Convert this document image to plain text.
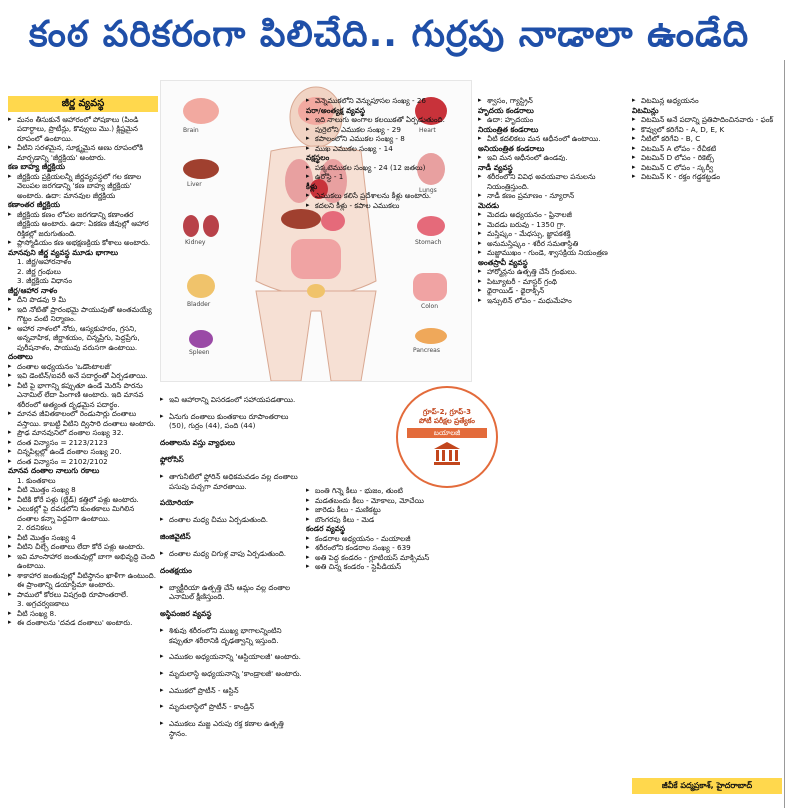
కంఠ పరికరంగా పిలిచేది.. గుర్రపు నాడాలా ఉండేది
జీర్ణ వ్యవస్థ

▸ మనం తీసుకునే ఆహారంలో పోషకాలు (పిండి పదార్థాలు, ప్రొటీన్లు, కొవ్వులు మొ.) క్లిష్టమైన రూపంలో ఉంటాయి.

▸ వీటిని సరళమైన, సూక్ష్మమైన అణు రూపంలోకి మార్చడాన్ని 'జీర్ణక్రియ' అంటారు.

కణ బాహ్య జీర్ణక్రియ

▸ జీర్ణక్రియ ప్రక్రియలన్నీ జీర్ణవ్యవస్థలో గల కణాల వెలుపల జరగడాన్ని 'కణ బాహ్య జీర్ణక్రియ' అంటారు. ఉదా: మానవుల జీర్ణక్రియ

కణాంతర జీర్ణక్రియ

▸ జీర్ణక్రియ కణం లోపల జరగడాన్ని కణాంతర జీర్ణక్రియ అంటారు. ఉదా: ఏకకణ జీవుల్లో ఆహార రిక్తికల్లో జరుగుతుంది.

▸ ప్లాస్మోడియం కణ అభక్షణక్రియ కోశాలు అంటారు.

మానవుని జీర్ణ వ్యవస్థ మూడు భాగాలు

1. జీర్ణ/ఆహారనాళం

2. జీర్ణ గ్రంథులు

3. జీర్ణక్రియ విధానం

జీర్ణ/ఆహార నాళం

▸ దీని పొడవు 9 మీ

▸ ఇది నోటితో ప్రారంభమై పాయువుతో అంతమయ్యే గొట్టం వంటి నిర్మాణం.

▸ ఆహార నాళంలో నోరు, ఆస్యకుహరం, గ్రసని, అన్నవాహిక, జీర్ణాశయం, చిన్నప్రేగు, పెద్దప్రేగు, పురీషనాళం, పాయువు వరుసగా ఉంటాయి.

దంతాలు

▸ దంతాల అధ్యయనం 'ఒడొంటాలజీ'

▸ ఇవి డెంటిన్/ఐవరీ అనే పదార్థంతో ఏర్పడతాయి.

▸ వీటి పై భాగాన్ని కప్పుతూ ఉండే మెరిసే పొరను ఎనామిల్ లేదా పింగాణి అంటారు. ఇది మానవ శరీరంలో అత్యంత దృఢమైన పదార్థం.

▸ మానవ జీవితకాలంలో రెండుసార్లు దంతాలు వస్తాయి. కాబట్టి వీటిని ద్విసారి దంతాలు అంటారు.

▸ ప్రౌఢ మానవునిలో దంతాల సంఖ్య 32.

▸ దంత విన్యాసం = 2123/2123

▸ చిన్నపిల్లల్లో ఉండే దంతాల సంఖ్య 20.

▸ దంత విన్యాసం = 2102/2102

మానవ దంతాల నాలుగు రకాలు

1. కుంతకాలు

▸ వీటి మొత్తం సంఖ్య 8

▸ వీటికి కోరే పళ్లు (బ్లేడ్) కత్తిలో పళ్లు అంటారు.

▸ ఎలుకల్లో పై దవడలోని కుంతకాలు మిగిలిన దంతాల కన్నా పెద్దవిగా ఉంటాయి.

2. రదనికలు

▸ వీటి మొత్తం సంఖ్య 4

▸ వీటిని చీల్చే దంతాలు లేదా కోరే పళ్లు అంటారు.

▸ ఇవి మాంసాహార జంతువుల్లో బాగా అభివృద్ధి చెంది ఉంటాయి.

▸ శాకాహార జంతువుల్లో వీటిస్థానం ఖాళీగా ఉంటుంది. ఈ ప్రాంతాన్ని డయాస్టీమా అంటారు.

▸ పాములో కోరలు విషగ్రంథి రూపాంతరాలే.

3. అగ్రచర్వణకాలు

▸ వీటి సంఖ్య 8.

▸ ఈ దంతాలను 'దవడ దంతాలు' అంటారు.

Brain	Heart
Liver
Kidney
Spleen
Lungs
Stomach
Colon
Pancreas
Bladder

▸ ఇవి ఆహారాన్ని విసరడంలో సహాయపడతాయి.

▸ ఏనుగు దంతాలు కుంతకాలు రూపాంతరాలు (50), గుర్రం (44), పంది (44)

దంతాలను వస్తు వ్యాధులు

ఫ్లోరోసిస్

▸ తాగునీటిలో ఫ్లోరిన్ అధికమవడం వల్ల దంతాలు పసుపు పచ్చగా మారతాయి.

పయోరియా

▸ దంతాల మధ్య చీము ఏర్పడుతుంది.

జింజివైటిస్

▸ దంతాల మధ్య చిగుళ్ల వాపు ఏర్పడుతుంది.

దంతక్షయం

▸ బ్యాక్టీరియా ఉత్పత్తి చేసే ఆమ్లం వల్ల దంతాల ఎనామిల్ క్షీణిస్తుంది.

అస్థిపంజర వ్యవస్థ

▸ శిశువు శరీరంలోని ముఖ్య భాగాలన్నింటిని కప్పుతూ శరీరానికి దృఢత్వాన్ని ఇస్తుంది.

▸ ఎముకల అధ్యయనాన్ని 'ఆస్టియాలజీ' అంటారు.

▸ మృదులాస్థి అధ్యయనాన్ని 'కాండ్రాలజీ' అంటారు.

▸ ఎముకలో ప్రొటీన్ - ఆస్టిన్

▸ మృదులాస్థిలో ప్రొటీన్ - కాండ్రిన్

▸ ఎముకలు మజ్జ ఎరుపు రక్త కణాల ఉత్పత్తి స్థానం.

▸ వెన్నెముకలోని వెన్నుపూసల సంఖ్య - 26

పరా/అంత్యక్ష వ్యవస్థ

▸ ఇది నాలుగు అంగాల కలయికతో ఏర్పడుతుంది.

▸ పుర్రెలోని ఎముకల సంఖ్య - 29

▸ కపాలంలోని ఎముకల సంఖ్య - 8

▸ ముఖ ఎముకల సంఖ్య - 14

వక్షస్థలం

▸ పక్కటెముకల సంఖ్య - 24 (12 జతలు)

▸ ఉరోస్థి - 1

కీళ్లు

▸ ఎముకలు కలిసే ప్రదేశాలను కీళ్లు అంటారు.

▸ కదలని కీళ్లు - కపాల ఎముకలు

గ్రూప్-2, గ్రూప్-3
పోటీ పరీక్షల ప్రత్యేకం
బయాలజీ

▸ బంతి గిన్నె కీలు - భుజం, తుంటి

▸ మడతబందు కీలు - మోకాలు, మోచేయి

▸ జారెడు కీలు - మణికట్టు

▸ బొంగరపు కీలు - మెడ

కండర వ్యవస్థ

▸ కండరాల అధ్యయనం - మయాలజీ

▸ శరీరంలోని కండరాల సంఖ్య - 639

▸ అతి పెద్ద కండరం - గ్లూటియస్ మాక్సిమస్

▸ అతి చిన్న కండరం - స్టెపీడియస్

▸ శ్వాసం, గ్యాస్ట్రిన్

హృదయ కండరాలు

▸ ఉదా: హృదయం

నియంత్రిత కండరాలు

▸ వీటి కదలికలు మన ఆధీనంలో ఉంటాయి.

అనియంత్రిత కండరాలు

▸ ఇవి మన ఆధీనంలో ఉండవు.

నాడీ వ్యవస్థ

▸ శరీరంలోని వివిధ అవయవాల పనులను నియంత్రిస్తుంది.

▸ నాడీ కణం ప్రమాణం - న్యూరాన్

మెదడు

▸ మెదడు అధ్యయనం - ఫ్రినాలజీ

▸ మెదడు బరువు - 1350 గ్రా.

▸ మస్తిష్కం - మేధస్సు, జ్ఞాపకశక్తి

▸ అనుమస్తిష్కం - శరీర సమతాస్థితి

▸ మజ్జాముఖం - గుండె, శ్వాసక్రియ నియంత్రణ

అంతస్రావీ వ్యవస్థ

▸ హార్మోన్లను ఉత్పత్తి చేసే గ్రంథులు.

▸ పిట్యూటరీ - మాస్టర్ గ్రంథి

▸ థైరాయిడ్ - థైరాక్సిన్

▸ ఇన్సులిన్ లోపం - మధుమేహం

▸ విటమిన్ల అధ్యయనం

విటమిన్లు

▸ విటమిన్ అనే పదాన్ని ప్రతిపాదించినవారు - ఫంక్

▸ కొవ్వులో కరిగేవి - A, D, E, K

▸ నీటిలో కరిగేవి - B, C

▸ విటమిన్ A లోపం - రేచీకటి

▸ విటమిన్ D లోపం - రికెట్స్

▸ విటమిన్ C లోపం - స్కర్వీ

▸ విటమిన్ K - రక్తం గడ్డకట్టడం

జీవీకే పద్మప్రకాశ్, హైదరాబాద్
